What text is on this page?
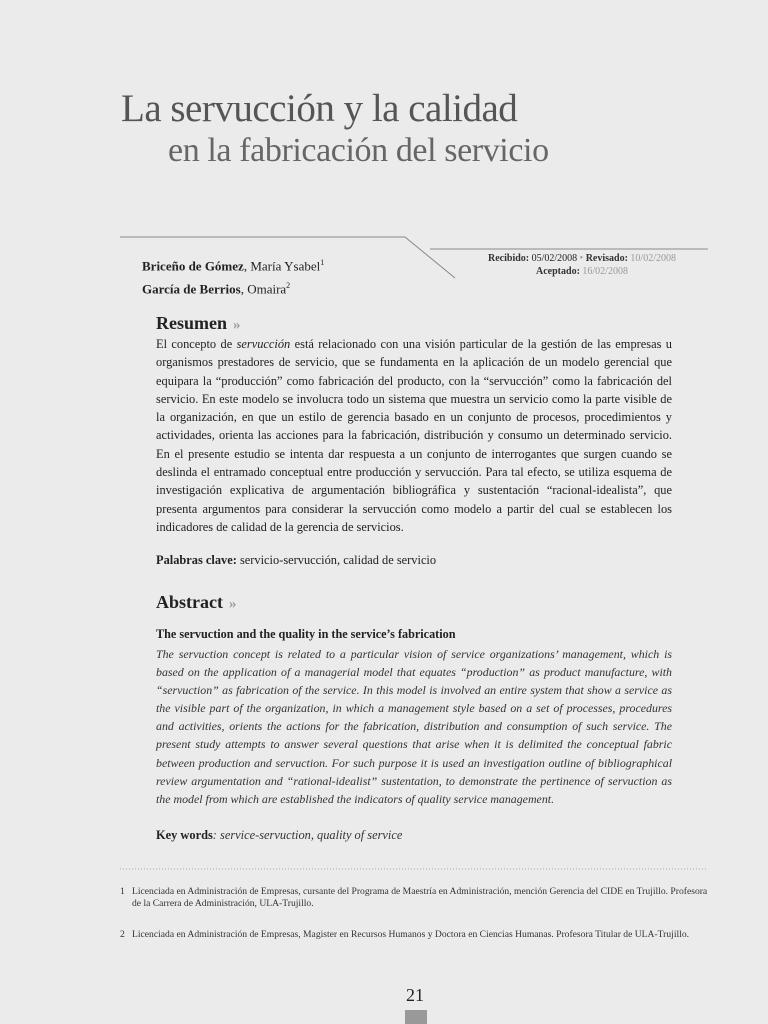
La servucción y la calidad
en la fabricación del servicio
Briceño de Gómez, María Ysabel$^1$
García de Berrios, Omaira$^2$
Recibido: 05/02/2008 • Revisado: 10/02/2008
Aceptado: 16/02/2008
Resumen »
El concepto de servucción está relacionado con una visión particular de la gestión de las empresas u organismos prestadores de servicio, que se fundamenta en la aplicación de un modelo gerencial que equipara la “producción” como fabricación del producto, con la “servucción” como la fabricación del servicio. En este modelo se involucra todo un sistema que muestra un servicio como la parte visible de la organización, en que un estilo de gerencia basado en un conjunto de procesos, procedimientos y actividades, orienta las acciones para la fabricación, distribución y consumo un determinado servicio. En el presente estudio se intenta dar respuesta a un conjunto de interrogantes que surgen cuando se deslinda el entramado conceptual entre producción y servucción. Para tal efecto, se utiliza esquema de investigación explicativa de argumentación bibliográfica y sustentación “racional-idealista”, que presenta argumentos para considerar la servucción como modelo a partir del cual se establecen los indicadores de calidad de la gerencia de servicios.
Palabras clave: servicio-servucción, calidad de servicio
Abstract »
The servuction and the quality in the service’s fabrication
The servuction concept is related to a particular vision of service organizations’ management, which is based on the application of a managerial model that equates “production” as product manufacture, with “servuction” as fabrication of the service. In this model is involved an entire system that show a service as the visible part of the organization, in which a management style based on a set of processes, procedures and activities, orients the actions for the fabrication, distribution and consumption of such service. The present study attempts to answer several questions that arise when it is delimited the conceptual fabric between production and servuction. For such purpose it is used an investigation outline of bibliographical review argumentation and “rational-idealist” sustentation, to demonstrate the pertinence of servuction as the model from which are established the indicators of quality service management.
Key words: service-servuction, quality of service
1 Licenciada en Administración de Empresas, cursante del Programa de Maestría en Administración, mención Gerencia del CIDE en Trujillo. Profesora de la Carrera de Administración, ULA-Trujillo.
2 Licenciada en Administración de Empresas, Magister en Recursos Humanos y Doctora en Ciencias Humanas. Profesora Titular de ULA-Trujillo.
21
